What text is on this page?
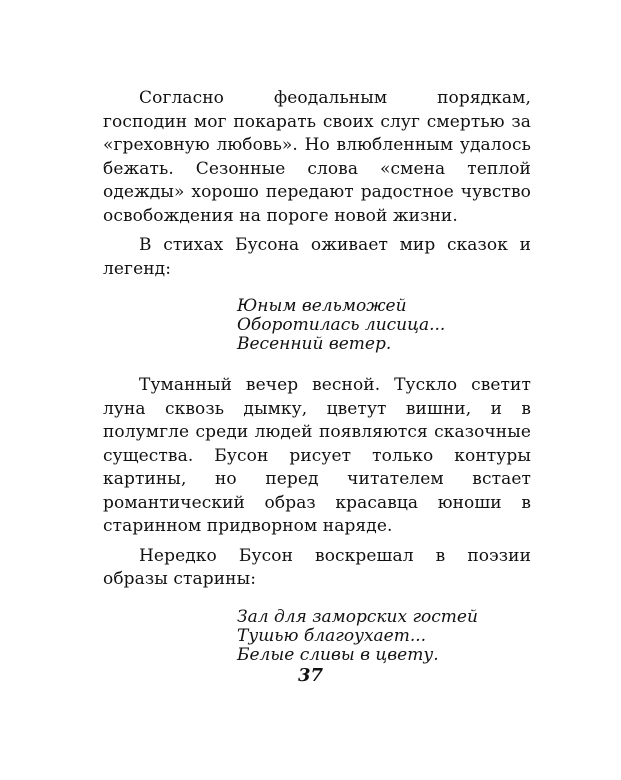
Согласно феодальным порядкам, господин мог покарать своих слуг смертью за «греховную любовь». Но влюбленным удалось бежать. Сезонные слова «смена теплой одежды» хорошо передают радостное чувство освобождения на пороге новой жизни.

В стихах Бусона оживает мир сказок и легенд:

Юным вельможей
Оборотилась лисица...
Весенний ветер.

Туманный вечер весной. Тускло светит луна сквозь дымку, цветут вишни, и в полумгле среди людей появляются сказочные существа. Бусон рисует только контуры картины, но перед читателем встает романтический образ красавца юноши в старинном придворном наряде.

Нередко Бусон воскрешал в поэзии образы старины:

Зал для заморских гостей
Тушью благоухает...
Белые сливы в цвету.
37
